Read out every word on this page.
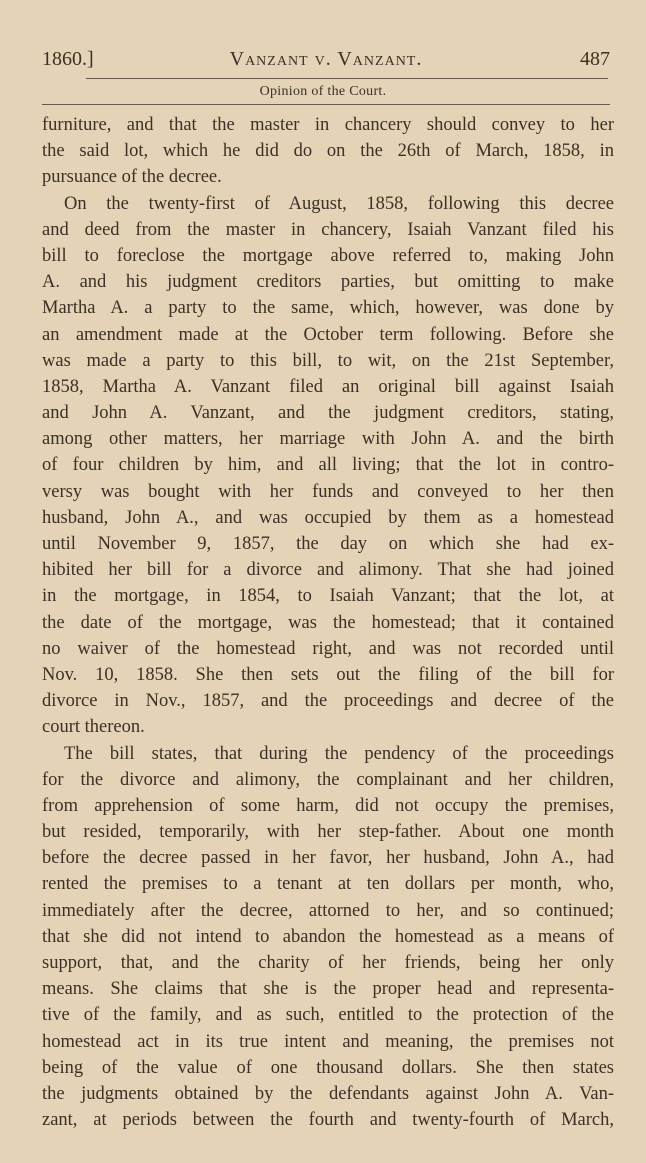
1860.]	Vanzant v. Vanzant.	487
Opinion of the Court.
furniture, and that the master in chancery should convey to her
the said lot, which he did do on the 26th of March, 1858, in
pursuance of the decree.
On the twenty-first of August, 1858, following this decree
and deed from the master in chancery, Isaiah Vanzant filed his
bill to foreclose the mortgage above referred to, making John
A. and his judgment creditors parties, but omitting to make
Martha A. a party to the same, which, however, was done by
an amendment made at the October term following. Before she
was made a party to this bill, to wit, on the 21st September,
1858, Martha A. Vanzant filed an original bill against Isaiah
and John A. Vanzant, and the judgment creditors, stating,
among other matters, her marriage with John A. and the birth
of four children by him, and all living; that the lot in contro-
versy was bought with her funds and conveyed to her then
husband, John A., and was occupied by them as a homestead
until November 9, 1857, the day on which she had ex-
hibited her bill for a divorce and alimony. That she had joined
in the mortgage, in 1854, to Isaiah Vanzant; that the lot, at
the date of the mortgage, was the homestead; that it contained
no waiver of the homestead right, and was not recorded until
Nov. 10, 1858. She then sets out the filing of the bill for
divorce in Nov., 1857, and the proceedings and decree of the
court thereon.
The bill states, that during the pendency of the proceedings
for the divorce and alimony, the complainant and her children,
from apprehension of some harm, did not occupy the premises,
but resided, temporarily, with her step-father. About one month
before the decree passed in her favor, her husband, John A., had
rented the premises to a tenant at ten dollars per month, who,
immediately after the decree, attorned to her, and so continued;
that she did not intend to abandon the homestead as a means of
support, that, and the charity of her friends, being her only
means. She claims that she is the proper head and representa-
tive of the family, and as such, entitled to the protection of the
homestead act in its true intent and meaning, the premises not
being of the value of one thousand dollars. She then states
the judgments obtained by the defendants against John A. Van-
zant, at periods between the fourth and twenty-fourth of March,
